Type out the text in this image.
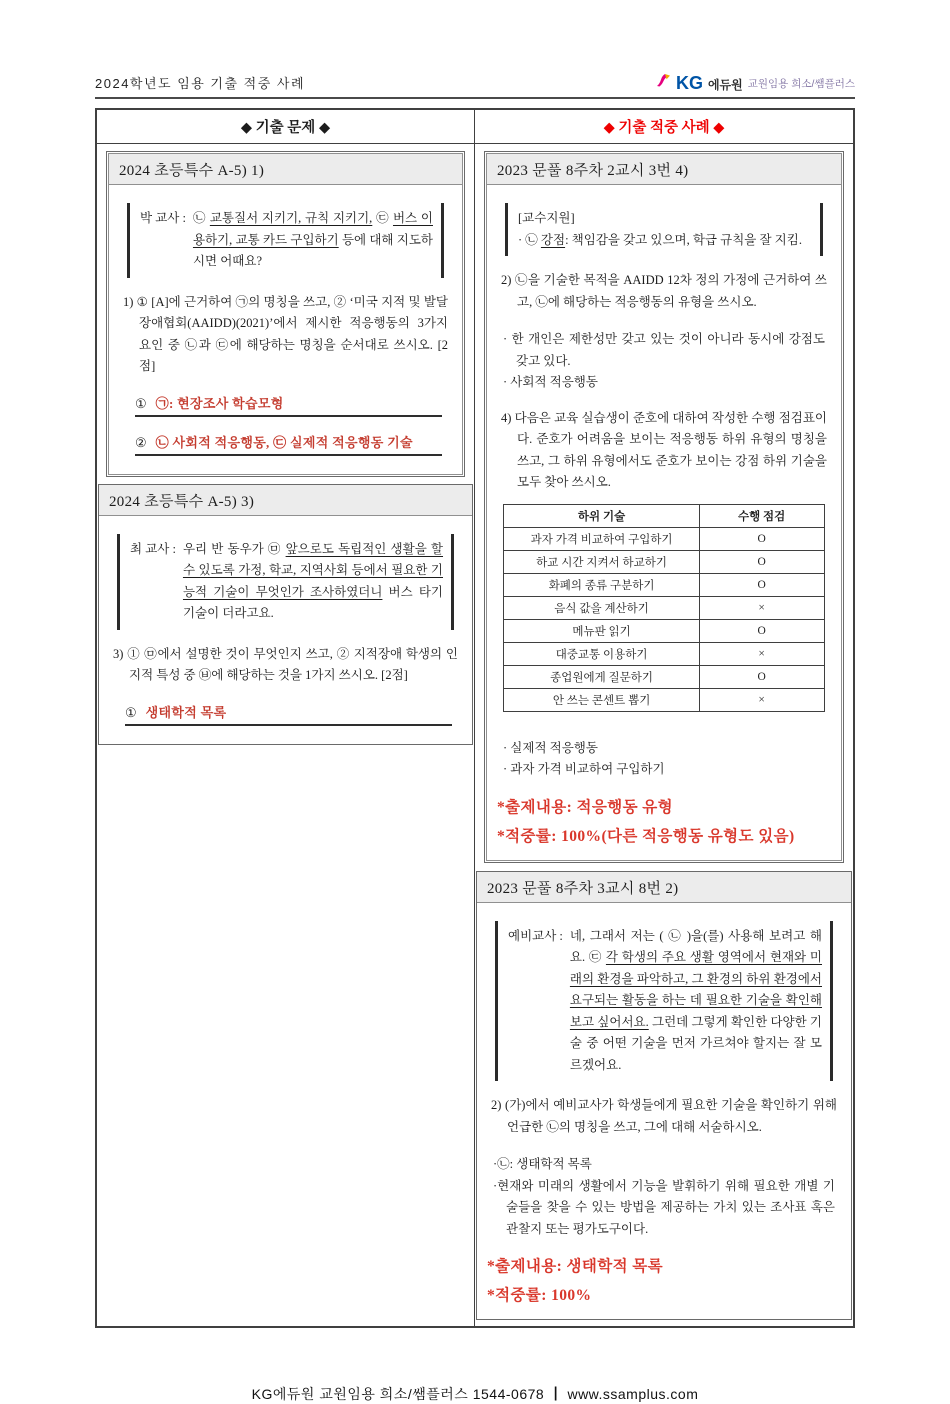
2024학년도 임용 기출 적중 사례	KG 에듀원 교원임용 희소/쌤플러스
◆ 기출 문제 ◆	◆ 기출 적중 사례 ◆
2024 초등특수 A-5) 1)
박 교사 : ㉡ 교통질서 지키기, 규칙 지키기, ㉢ 버스 이용하기, 교통 카드 구입하기 등에 대해 지도하시면 어때요?
1) ① [A]에 근거하여 ㉠의 명칭을 쓰고, ② ‘미국 지적 및 발달 장애협회(AAIDD)(2021)’에서 제시한 적응행동의 3가지 요인 중 ㉡과 ㉢에 해당하는 명칭을 순서대로 쓰시오. [2점]
① ㉠: 현장조사 학습모형
② ㉡ 사회적 적응행동, ㉢ 실제적 적응행동 기술
2024 초등특수 A-5) 3)
최 교사 : 우리 반 동우가 ㉤ 앞으로도 독립적인 생활을 할 수 있도록 가정, 학교, 지역사회 등에서 필요한 기능적 기술이 무엇인가 조사하였더니 버스 타기 기술이 더라고요.
3) ① ㉤에서 설명한 것이 무엇인지 쓰고, ② 지적장애 학생의 인지적 특성 중 ㉥에 해당하는 것을 1가지 쓰시오. [2점]
① 생태학적 목록
2023 문풀 8주차 2교시 3번 4)
[교수지원]
· ㉡ 강점: 책임감을 갖고 있으며, 학급 규칙을 잘 지킴.
2) ㉡을 기술한 목적을 AAIDD 12차 정의 가정에 근거하여 쓰고, ㉡에 해당하는 적응행동의 유형을 쓰시오.
· 한 개인은 제한성만 갖고 있는 것이 아니라 동시에 강점도 갖고 있다.
· 사회적 적응행동
4) 다음은 교육 실습생이 준호에 대하여 작성한 수행 점검표이다. 준호가 어려움을 보이는 적응행동 하위 유형의 명칭을 쓰고, 그 하위 유형에서도 준호가 보이는 강점 하위 기술을 모두 찾아 쓰시오.
하위 기술	수행 점검
과자 가격 비교하여 구입하기	O
하교 시간 지켜서 하교하기	O
화폐의 종류 구분하기	O
음식 값을 계산하기	×
메뉴판 읽기	O
대중교통 이용하기	×
종업원에게 질문하기	O
안 쓰는 콘센트 뽑기	×
· 실제적 적응행동
· 과자 가격 비교하여 구입하기
*출제내용: 적응행동 유형
*적중률: 100%(다른 적응행동 유형도 있음)
2023 문풀 8주차 3교시 8번 2)
예비교사 : 네, 그래서 저는 ( ㉡ )을(를) 사용해 보려고 해요. ㉢ 각 학생의 주요 생활 영역에서 현재와 미래의 환경을 파악하고, 그 환경의 하위 환경에서 요구되는 활동을 하는 데 필요한 기술을 확인해 보고 싶어서요. 그런데 그렇게 확인한 다양한 기술 중 어떤 기술을 먼저 가르쳐야 할지는 잘 모르겠어요.
2) (가)에서 예비교사가 학생들에게 필요한 기술을 확인하기 위해 언급한 ㉡의 명칭을 쓰고, 그에 대해 서술하시오.
·㉡: 생태학적 목록
·현재와 미래의 생활에서 기능을 발휘하기 위해 필요한 개별 기술들을 찾을 수 있는 방법을 제공하는 가치 있는 조사표 혹은 관찰지 또는 평가도구이다.
*출제내용: 생태학적 목록
*적중률: 100%
KG에듀원 교원임용 희소/쌤플러스 1544-0678 ┃ www.ssamplus.com
